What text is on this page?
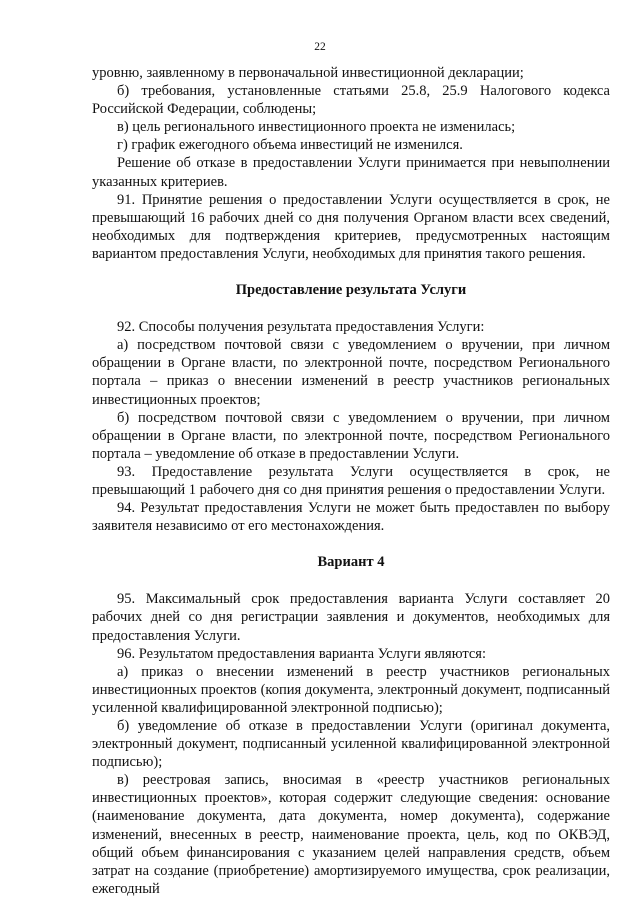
22

уровню, заявленному в первоначальной инвестиционной декларации;

б) требования, установленные статьями 25.8, 25.9 Налогового кодекса Российской Федерации, соблюдены;

в) цель регионального инвестиционного проекта не изменилась;

г) график ежегодного объема инвестиций не изменился.

Решение об отказе в предоставлении Услуги принимается при невыполнении указанных критериев.

91. Принятие решения о предоставлении Услуги осуществляется в срок, не превышающий 16 рабочих дней со дня получения Органом власти всех сведений, необходимых для подтверждения критериев, предусмотренных настоящим вариантом предоставления Услуги, необходимых для принятия такого решения.

Предоставление результата Услуги

92. Способы получения результата предоставления Услуги:

а) посредством почтовой связи с уведомлением о вручении, при личном обращении в Органе власти, по электронной почте, посредством Регионального портала – приказ о внесении изменений в реестр участников региональных инвестиционных проектов;

б) посредством почтовой связи с уведомлением о вручении, при личном обращении в Органе власти, по электронной почте, посредством Регионального портала – уведомление об отказе в предоставлении Услуги.

93. Предоставление результата Услуги осуществляется в срок, не превышающий 1 рабочего дня со дня принятия решения о предоставлении Услуги.

94. Результат предоставления Услуги не может быть предоставлен по выбору заявителя независимо от его местонахождения.

Вариант 4

95. Максимальный срок предоставления варианта Услуги составляет 20 рабочих дней со дня регистрации заявления и документов, необходимых для предоставления Услуги.

96. Результатом предоставления варианта Услуги являются:

а) приказ о внесении изменений в реестр участников региональных инвестиционных проектов (копия документа, электронный документ, подписанный усиленной квалифицированной электронной подписью);

б) уведомление об отказе в предоставлении Услуги (оригинал документа, электронный документ, подписанный усиленной квалифицированной электронной подписью);

в) реестровая запись, вносимая в «реестр участников региональных инвестиционных проектов», которая содержит следующие сведения: основание (наименование документа, дата документа, номер документа), содержание изменений, внесенных в реестр, наименование проекта, цель, код по ОКВЭД, общий объем финансирования с указанием целей направления средств, объем затрат на создание (приобретение) амортизируемого имущества, срок реализации, ежегодный
